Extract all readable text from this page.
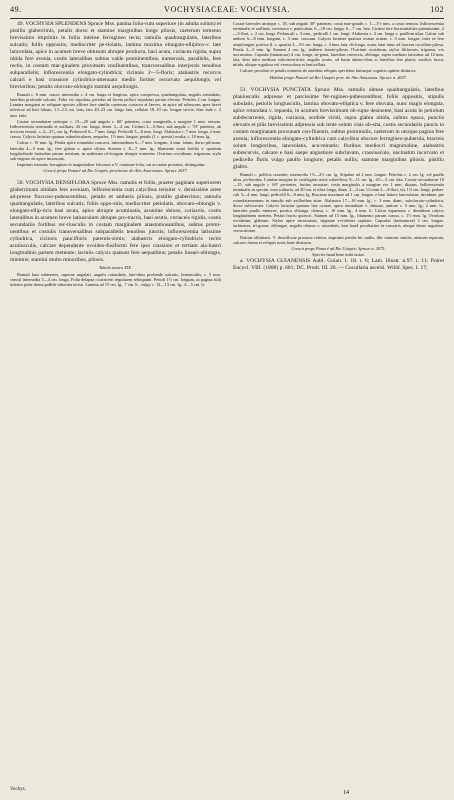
49.	VOCHYSIACEAE: VOCHYSIA.	102

49. VOCHYSIA SPLENDENS Spruce Mss. panina folio-rum superiore (in adulta solum) et pistillo glaberrimis, petalis dorso et stamine marginibus longe pilosis, caeterum tomento brevissimo imprimis in foliis intense ferrugineo tecta; ramulis quadrangulatis, lateribus sulcatis; foliis oppositis, mediocriter pe-tiolatis, lamina maxima elongato-elliptico-v. late lanceolata, apice in acumen breve obtusum abrupte producta, basi acuta, coriacea rigida, supra nitida fere avenia, costis lateralibus subtus valde prominentibus, numerosis, parallelis, fere rectis, in costam mar-ginalem proximam confluentibus, transversalibus interjectis tenuibus subparallelis; inflorescentia elongato-cylindrica; cicinnis 2—5-floris; alabastris recurvis calcari e basi crassiore cylindrico-attenuato medio fortiter recurvato aequilongis vel brevioribus; petalis obovato-oblongis stamini aequilongis.

Ramuli c. 6 mm. crassi; internodia c. 4 cm. longa et longiora, apice compressa, quadrangulata, angulis rotundatis, lateribus profunde sulcatis. Folia vix stipulata, petiolus ad lucem pelluci stipulatus parum elevato. Petioles 2 cm. longae. Lamina marginat ac reliquae species affines fere similis caeterum coriacea et laeves, in apice ad rubescens apex brevi inferiore ad basi lobato, 1.5–2.5 cm. latis, lato 20–23 cm. longo lata, cellulae 18–19 cm. longae stricte, hinc inde c. 2 mm. latis.

Costae secundariae utrinque c. 15—20 sub angulo c. 60° patentes; costa marginalis a margine 1 mm. remota. Inflorescentia terminalis et axillaris, 26 cm. longa, diam. 3—4 cm. Cicinni 2—5-flori, sub angulo c. 70° patentes, ab invicem remoti, c. 2—2¹/₂ cm. lg. Pedunculi 6—7 mm. longi. Pedicelli 5—6 mm. longi. Alabastra c. 7 mm. longa, 2 mm. crassa. Calycis laciniae quatuor suborbiculares, aequales, 1½ mm. longae; petalis (l. c. questa) ovalia, c. 10 mm. lg.

Calcar c. 10 mm. lg. Petala apice rotundata concava, intermedium 6—7 mm. longum, 4 mm. latum, dorso pilosum, lateralia 4—5 mm. lg., fere glabra v. apice ciliata. Stamen c. 8—7 mm. lg., filamento tenui fertilia v. quartum longitudinale latitudine parum notatum, in antheram ob-longam abrupte transiens. Ovarium ovoideum, trigonum, stylo sub-trigono ob apice incrassato.

Imprimis tomento ferrugineo et magnitudine foliorum a V. ciminiae-folia, cui arcuatae proxima, distinguitur.

Crescit prope Panuré ad Rio Uaupés, provinciae do Alto Ama-zonas: Spruce 2637.

50. VOCHYSIA DENSIFLORA Spruce Mss. ramulis et foliis, praeter paginam superiorem glaberrimam nitidam fere aveniam, inflorescentia cum calycibus tenuiter v. densissime arete ad-presse floccoso-pubescentibus, petalis et antheris pilosis, pistillo glaberrimo; ramulis quadrangulatis, lateribus sulcatis; foliis oppo-sitis, mediocriter petiolatis, obovato-oblongis v. elongato-ellip-ticis basi acuta, apice abrupte acuminatis, acumine obtuso, coriaceis, costis lateralibus in acumen breve latiusculum abrupte pro-tractis, basi acutis, coriaceis rigidis, costis secundariis fortibus rec-tiusculis in costam marginalem anastomosantibus, subtus promi-nentibus et costulis transversalibus subparallelis tenuibus junctis; inflorescentia latissime cylindrica, cicinnis paucifloris patentis-simis; alabastris elongato-cylindricis rectis acutiusculis, calcare dependente ovoideo-fusiformi fere ipso crassiore et tertiam ala-bastri longitudinis partem metiente; laciniis calycis quatuor fere aequalibus; petalis lineari-oblongis, minimis; stamini multo minoribus, pilosis.

Tabula nostra XIX.

Ramuli basi subteretes, superne angulati, angulis rotundatis, late-ribus profunde sulcatis, (internodiis, c. 5 mm. crassi) internodia 3—4 cm. longa. Folia delapsa cicatricem regularem relinquunt. Petioli 1½ cm. longum, ut pagina folii inferior pube densa pallide tabacina tectus. Lamina ad 15 cm. lg., 7 cm. lt., vulgo c. 12—13 cm. lg., 4—5 cm. lt.

Costae laterales utrinque c. 18, sub angulo 30° patentes; costa mar-ginalis c. 1—1½ mm. a costa remota. Inflorescentia terminalis et axillaris, racemosa v. paniculata, 6—10 cm. longa, 6—7 cm. lata. Cicinni fere horizontaliter patentissimi, 2—3-flori, c. 2 cm. longi. Pedunculi c. 3 mm., pedicelli 1 cm. longi. Alabastra c. 2 cm. longa v. paullum ultra. Calcar sub anthesi 6—8 mm. longum, c. 3 mm. crassum. Calycis laciniae quatuor ovatae acutae, c. 3 mm. longae, inter se fere aequilongae; postica (l. c. quarta) 3—3½ cm. longa, c. 4 mm. lata, ob-longa, acuta, basi intus ad faucem cucullato-pilosa. Petala 3—5 mm. lg. Stamen 2 cm. lg., antheris lanato-pilosis. Ovarium ovoideum, stylus filiformis, trigonus, vix incrassatus. Capsula (immatura) 4 cm. longa, tri-gona, lateribus convexis, oblonga, supra medium latissima ad 12 mm. lata, dein infra medium subconverticite; angulis acutis, ad basin attenu-ribus et lateribus fere planis, medicis fusca, nitida, ubique rugulosa vel verruculosa et lenticellata.

Calcare peculiari et petalis minimis ab omnibus reliquis speciebus huiusque cognitis optime distincta.

Habitat prope Panuré ad Rio Uaupés prov. do Alto Amazonas: Spruce n. 2637.

51. VOCHYSIA PUNCTATA Spruce Mss. ramulis obtuse quadrangulatis, lateribus planiusculis adpresse et parcissime fer-rugineo-pubescentibus; foliis oppositis, stipulis subulatis, petiolis longiusculis, lamina obovato-elliptica v. fere obovata, nunc magis elongata, apice rotundata v. repanda, in acumen brevissimum ob-rupte desinente, basi acuta in petiolum subdecurrente, rigida, coriacea, sordide viridi, supra glabra nitida, subtus opaca, punctis elevatis et pilis brevissimis adpressis sub lente solum visis ob-sita, costis secundariis paucis in costam marginatam proxunam con-fluentis, subtus prominulis, caeterum in utraque pagina fere avenia; inflorescentia elongato-cylindrica cum calycibus obscure ferrugineo-puberula, bracteis solum longioribus, lanceolatis, acu-minatis; floribus mediocri magnitudine, alabastris subrecurvis, calcare e basi saepe angustiore subclavato, crassiusculo, uncinatim incurvato et pedicello floris vulgo paullo longiore; petalis nullis; stamine marginibus pilosis. pistillo glabro.

Ramuli c. pollicis crassitie; internodia 1½—2½ cm. lg. Stipulae ad 2 mm. longae. Petiolus c. 2 cm. lg. vel paullo ultra, pu-berulus. Lamina margine in cartilaginis meta subreflexa, 9—11 cm. lg., 4½—5 cm. lata. Costae secundariae 10—15, sub angulo c. 60° pa-tentes, fortius arcuatae; costa marginalis a margine vix 1 mm. distans. Inflorescentia terminalis in specim. mea solitaria, ad 30 cm. et ultra longa, diam. 3—4 cm. Cicinni 2—4-flori, vix 1½ cm. longi; pedun-culi 3—4 mm. longi; pedicelli 6—8 mm. lg. Bracteae maximae ad 1 cm. longae, e basi latiore lanceolatae, deciduae, per rotundatamentum in ramulis sub axillaribus sitae. Alabastra 17—18 mm. lg., c. 3 mm. diam., subclavato-cylindrica, dorso subcurvata. Calycis laciniae quatuor late ovatae, apice rotundatae v. obtusae, anticae c. 3 mm. lg., 2 mm. lt., laterales paullo minores; postica oblonga, obtusa, c. 10 mm. lg., 4 mm. lt. Calcar expansum c. dimidium calycis longitudinem metiens. Petala fructu quiescit. Stamen ad 15 mm. lg., filamento parum crasso, c. 1½ mm. lg. Ovarium ovoideum, glabrum. Stylus apice incrassatus, stigmate evi-denter capitato. Capsulas (immaturae) 3 cm. longae, turbinatae, tri-gonae, oblongae, angulis obtusis v. rotundatis, basi haud peculiariter in-crassatis, ubique dense rugulosa-verruculosae.

Dubiae affinitatis. V. densiflorae proxima videtur, imprimis petalis hic nullis, illic minimis similis, attamen reparata, calcaris forma et reliquis notis bene distincta.

Crescit prope Panuré ad Rio Uaupés: Spruce n. 2675.

Species haud bene mihi notae.

a. VOCHYSIA GUIANENSIS Aubl. Guian. I. 18. t. 6; Lam. Illustr. n.97. t. 11; Poiret Encycl. VIII. (1808) p. 681; DC. Prodr. III. 26. — Cucullaria ascelsi. Willd. Spec. I. 17;

Vochys.
14
